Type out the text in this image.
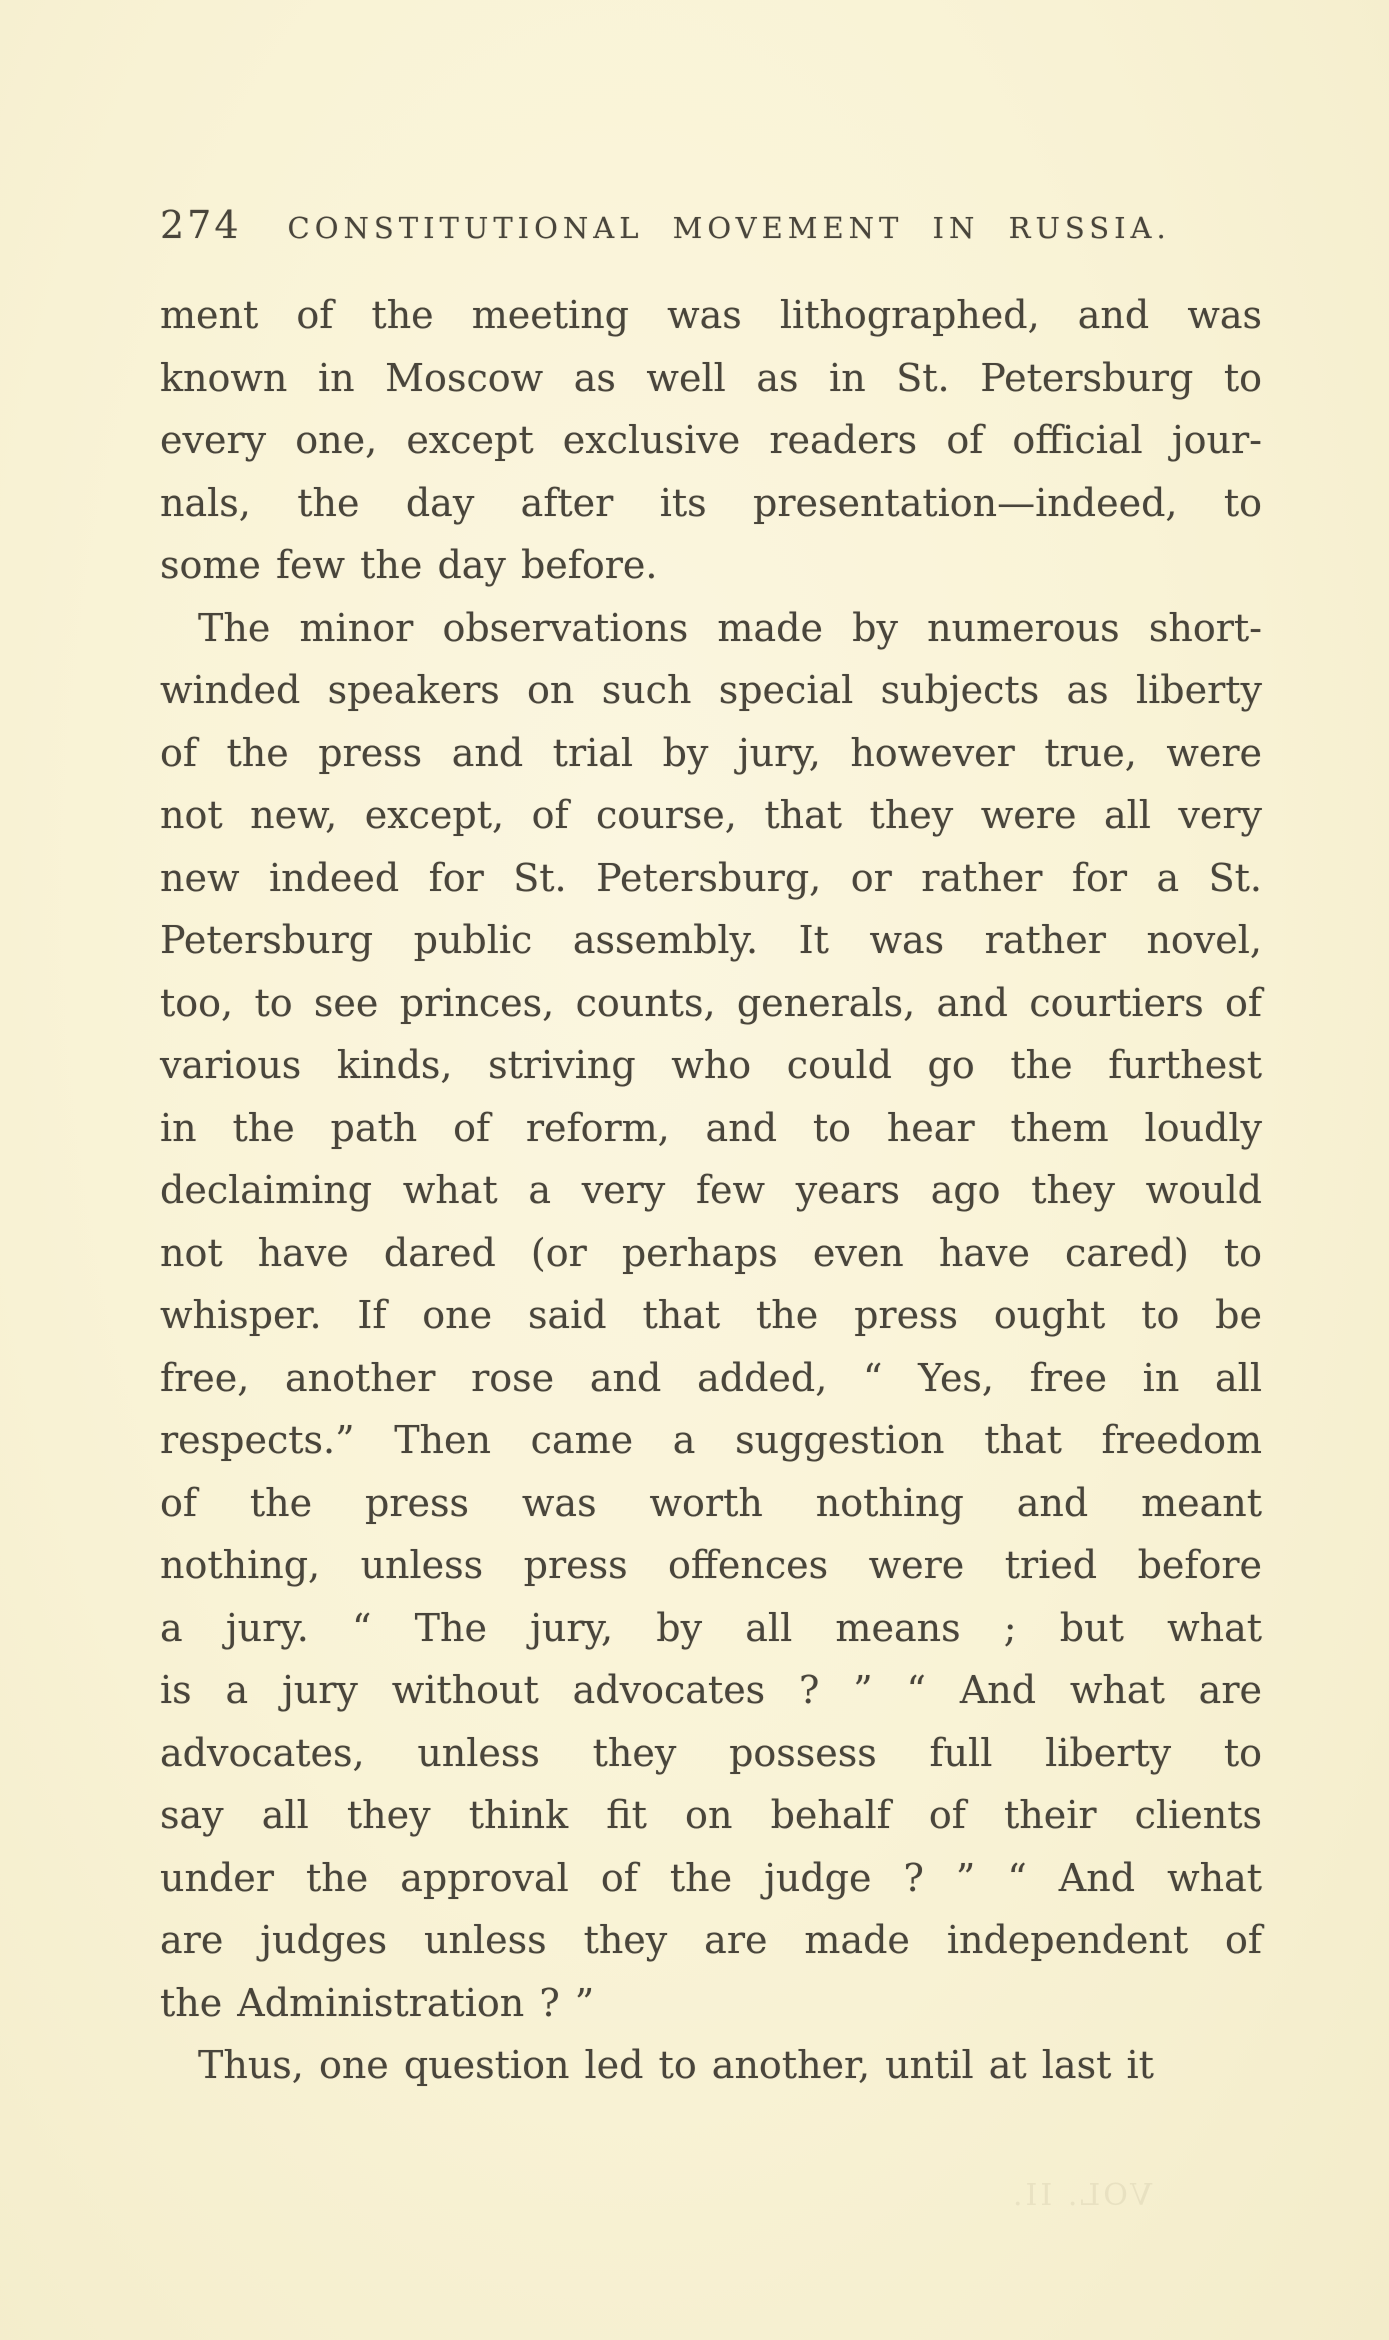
274 CONSTITUTIONAL MOVEMENT IN RUSSIA.
ment of the meeting was lithographed, and was
known in Moscow as well as in St. Petersburg to
every one, except exclusive readers of official jour-
nals, the day after its presentation—indeed, to
some few the day before.
The minor observations made by numerous short-
winded speakers on such special subjects as liberty
of the press and trial by jury, however true, were
not new, except, of course, that they were all very
new indeed for St. Petersburg, or rather for a St.
Petersburg public assembly. It was rather novel,
too, to see princes, counts, generals, and courtiers of
various kinds, striving who could go the furthest
in the path of reform, and to hear them loudly
declaiming what a very few years ago they would
not have dared (or perhaps even have cared) to
whisper. If one said that the press ought to be
free, another rose and added, “ Yes, free in all
respects.” Then came a suggestion that freedom
of the press was worth nothing and meant
nothing, unless press offences were tried before
a jury. “ The jury, by all means ; but what
is a jury without advocates ? ” “ And what are
advocates, unless they possess full liberty to
say all they think fit on behalf of their clients
under the approval of the judge ? ” “ And what
are judges unless they are made independent of
the Administration ? ”
Thus, one question led to another, until at last it
VOL. II.
